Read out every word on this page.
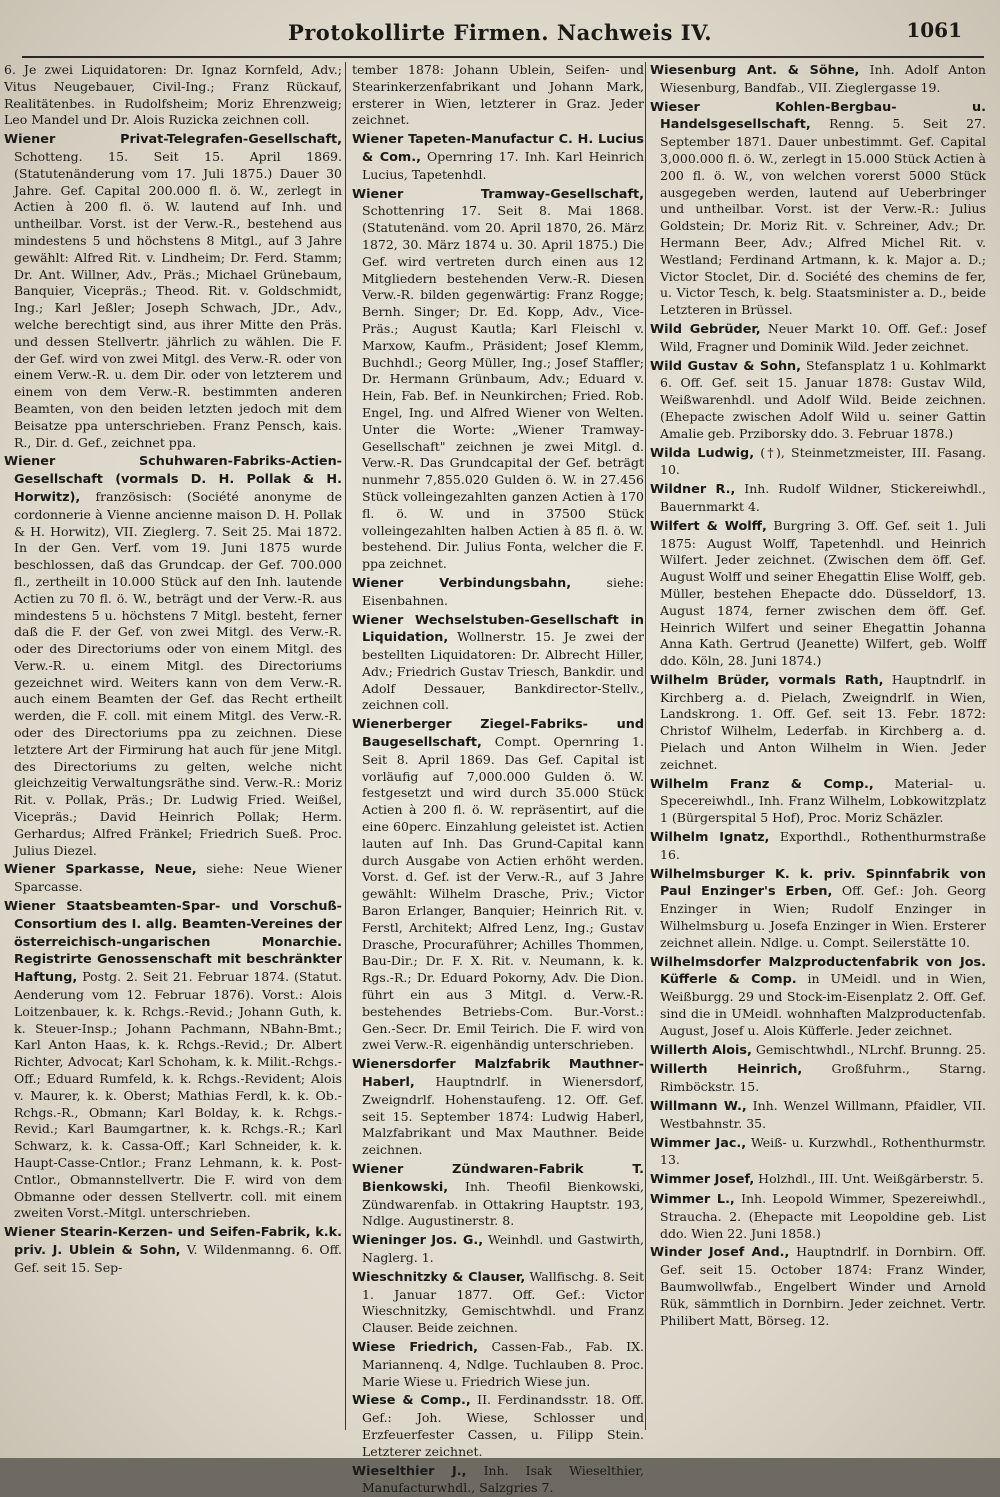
Protokollirte Firmen. Nachweis IV.	1061

6. Je zwei Liquidatoren: Dr. Ignaz Kornfeld, Adv.; Vitus Neugebauer, Civil-Ing.; Franz Rückauf, Realitätenbes. in Rudolfsheim; Moriz Ehrenzweig; Leo Mandel und Dr. Alois Ruzicka zeichnen coll.

Wiener Privat-Telegrafen-Gesellschaft, Schotteng. 15. Seit 15. April 1869. (Statutenänderung vom 17. Juli 1875.) Dauer 30 Jahre. Gef. Capital 200.000 fl. ö. W., zerlegt in Actien à 200 fl. ö. W. lautend auf Inh. und untheilbar. Vorst. ist der Verw.-R., bestehend aus mindestens 5 und höchstens 8 Mitgl., auf 3 Jahre gewählt: Alfred Rit. v. Lindheim; Dr. Ferd. Stamm; Dr. Ant. Willner, Adv., Präs.; Michael Grünebaum, Banquier, Vicepräs.; Theod. Rit. v. Goldschmidt, Ing.; Karl Jeßler; Joseph Schwach, JDr., Adv., welche berechtigt sind, aus ihrer Mitte den Präs. und dessen Stellvertr. jährlich zu wählen. Die F. der Gef. wird von zwei Mitgl. des Verw.-R. oder von einem Verw.-R. u. dem Dir. oder von letzterem und einem von dem Verw.-R. bestimmten anderen Beamten, von den beiden letzten jedoch mit dem Beisatze ppa unterschrieben. Franz Pensch, kais. R., Dir. d. Gef., zeichnet ppa.

Wiener Schuhwaren-Fabriks-Actien-Gesellschaft (vormals D. H. Pollak & H. Horwitz), französisch: (Société anonyme de cordonnerie à Vienne ancienne maison D. H. Pollak & H. Horwitz), VII. Zieglerg. 7. Seit 25. Mai 1872. In der Gen. Verf. vom 19. Juni 1875 wurde beschlossen, daß das Grundcap. der Gef. 700.000 fl., zertheilt in 10.000 Stück auf den Inh. lautende Actien zu 70 fl. ö. W., beträgt und der Verw.-R. aus mindestens 5 u. höchstens 7 Mitgl. besteht, ferner daß die F. der Gef. von zwei Mitgl. des Verw.-R. oder des Directoriums oder von einem Mitgl. des Verw.-R. u. einem Mitgl. des Directoriums gezeichnet wird. Weiters kann von dem Verw.-R. auch einem Beamten der Gef. das Recht ertheilt werden, die F. coll. mit einem Mitgl. des Verw.-R. oder des Directoriums ppa zu zeichnen. Diese letztere Art der Firmirung hat auch für jene Mitgl. des Directoriums zu gelten, welche nicht gleichzeitig Verwaltungsräthe sind. Verw.-R.: Moriz Rit. v. Pollak, Präs.; Dr. Ludwig Fried. Weißel, Vicepräs.; David Heinrich Pollak; Herm. Gerhardus; Alfred Fränkel; Friedrich Sueß. Proc. Julius Diezel.

Wiener Sparkasse, Neue, siehe: Neue Wiener Sparcasse.

Wiener Staatsbeamten-Spar- und Vorschuß-Consortium des I. allg. Beamten-Vereines der österreichisch-ungarischen Monarchie. Registrirte Genossenschaft mit beschränkter Haftung, Postg. 2. Seit 21. Februar 1874. (Statut. Aenderung vom 12. Februar 1876). Vorst.: Alois Loitzenbauer, k. k. Rchgs.-Revid.; Johann Guth, k. k. Steuer-Insp.; Johann Pachmann, NBahn-Bmt.; Karl Anton Haas, k. k. Rchgs.-Revid.; Dr. Albert Richter, Advocat; Karl Schoham, k. k. Milit.-Rchgs.-Off.; Eduard Rumfeld, k. k. Rchgs.-Revident; Alois v. Maurer, k. k. Oberst; Mathias Ferdl, k. k. Ob.-Rchgs.-R., Obmann; Karl Bolday, k. k. Rchgs.-Revid.; Karl Baumgartner, k. k. Rchgs.-R.; Karl Schwarz, k. k. Cassa-Off.; Karl Schneider, k. k. Haupt-Casse-Cntlor.; Franz Lehmann, k. k. Post-Cntlor., Obmannstellvertr. Die F. wird von dem Obmanne oder dessen Stellvertr. coll. mit einem zweiten Vorst.-Mitgl. unterschrieben.

Wiener Stearin-Kerzen- und Seifen-Fabrik, k.k. priv. J. Ublein & Sohn, V. Wildenmanng. 6. Off. Gef. seit 15. Sep-

tember 1878: Johann Ublein, Seifen- und Stearinkerzenfabrikant und Johann Mark, ersterer in Wien, letzterer in Graz. Jeder zeichnet.

Wiener Tapeten-Manufactur C. H. Lucius & Com., Opernring 17. Inh. Karl Heinrich Lucius, Tapetenhdl.

Wiener Tramway-Gesellschaft, Schottenring 17. Seit 8. Mai 1868. (Statutenänd. vom 20. April 1870, 26. März 1872, 30. März 1874 u. 30. April 1875.) Die Gef. wird vertreten durch einen aus 12 Mitgliedern bestehenden Verw.-R. Diesen Verw.-R. bilden gegenwärtig: Franz Rogge; Bernh. Singer; Dr. Ed. Kopp, Adv., Vice-Präs.; August Kautla; Karl Fleischl v. Marxow, Kaufm., Präsident; Josef Klemm, Buchhdl.; Georg Müller, Ing.; Josef Staffler; Dr. Hermann Grünbaum, Adv.; Eduard v. Hein, Fab. Bef. in Neunkirchen; Fried. Rob. Engel, Ing. und Alfred Wiener von Welten. Unter die Worte: „Wiener Tramway-Gesellschaft" zeichnen je zwei Mitgl. d. Verw.-R. Das Grundcapital der Gef. beträgt nunmehr 7,855.020 Gulden ö. W. in 27.456 Stück volleingezahlten ganzen Actien à 170 fl. ö. W. und in 37500 Stück volleingezahlten halben Actien à 85 fl. ö. W. bestehend. Dir. Julius Fonta, welcher die F. ppa zeichnet.

Wiener Verbindungsbahn, siehe: Eisenbahnen.

Wiener Wechselstuben-Gesellschaft in Liquidation, Wollnerstr. 15. Je zwei der bestellten Liquidatoren: Dr. Albrecht Hiller, Adv.; Friedrich Gustav Triesch, Bankdir. und Adolf Dessauer, Bankdirector-Stellv., zeichnen coll.

Wienerberger Ziegel-Fabriks- und Baugesellschaft, Compt. Opernring 1. Seit 8. April 1869. Das Gef. Capital ist vorläufig auf 7,000.000 Gulden ö. W. festgesetzt und wird durch 35.000 Stück Actien à 200 fl. ö. W. repräsentirt, auf die eine 60perc. Einzahlung geleistet ist. Actien lauten auf Inh. Das Grund-Capital kann durch Ausgabe von Actien erhöht werden. Vorst. d. Gef. ist der Verw.-R., auf 3 Jahre gewählt: Wilhelm Drasche, Priv.; Victor Baron Erlanger, Banquier; Heinrich Rit. v. Ferstl, Architekt; Alfred Lenz, Ing.; Gustav Drasche, Procuraführer; Achilles Thommen, Bau-Dir.; Dr. F. X. Rit. v. Neumann, k. k. Rgs.-R.; Dr. Eduard Pokorny, Adv. Die Dion. führt ein aus 3 Mitgl. d. Verw.-R. bestehendes Betriebs-Com. Bur.-Vorst.: Gen.-Secr. Dr. Emil Teirich. Die F. wird von zwei Verw.-R. eigenhändig unterschrieben.

Wienersdorfer Malzfabrik Mauthner-Haberl, Hauptndrlf. in Wienersdorf, Zweigndrlf. Hohenstaufeng. 12. Off. Gef. seit 15. September 1874: Ludwig Haberl, Malzfabrikant und Max Mauthner. Beide zeichnen.

Wiener Zündwaren-Fabrik T. Bienkowski, Inh. Theofil Bienkowski, Zündwarenfab. in Ottakring Hauptstr. 193, Ndlge. Augustinerstr. 8.

Wieninger Jos. G., Weinhdl. und Gastwirth, Naglerg. 1.

Wieschnitzky & Clauser, Wallfischg. 8. Seit 1. Januar 1877. Off. Gef.: Victor Wieschnitzky, Gemischtwhdl. und Franz Clauser. Beide zeichnen.

Wiese Friedrich, Cassen-Fab., Fab. IX. Mariannenq. 4, Ndlge. Tuchlauben 8. Proc. Marie Wiese u. Friedrich Wiese jun.

Wiese & Comp., II. Ferdinandsstr. 18. Off. Gef.: Joh. Wiese, Schlosser und Erzfeuerfester Cassen, u. Filipp Stein. Letzterer zeichnet.

Wieselthier J., Inh. Isak Wieselthier, Manufacturwhdl., Salzgries 7.

Wiesenburg Ant. & Söhne, Inh. Adolf Anton Wiesenburg, Bandfab., VII. Zieglergasse 19.

Wieser Kohlen-Bergbau- u. Handelsgesellschaft, Renng. 5. Seit 27. September 1871. Dauer unbestimmt. Gef. Capital 3,000.000 fl. ö. W., zerlegt in 15.000 Stück Actien à 200 fl. ö. W., von welchen vorerst 5000 Stück ausgegeben werden, lautend auf Ueberbringer und untheilbar. Vorst. ist der Verw.-R.: Julius Goldstein; Dr. Moriz Rit. v. Schreiner, Adv.; Dr. Hermann Beer, Adv.; Alfred Michel Rit. v. Westland; Ferdinand Artmann, k. k. Major a. D.; Victor Stoclet, Dir. d. Société des chemins de fer, u. Victor Tesch, k. belg. Staatsminister a. D., beide Letzteren in Brüssel.

Wild Gebrüder, Neuer Markt 10. Off. Gef.: Josef Wild, Fragner und Dominik Wild. Jeder zeichnet.

Wild Gustav & Sohn, Stefansplatz 1 u. Kohlmarkt 6. Off. Gef. seit 15. Januar 1878: Gustav Wild, Weißwarenhdl. und Adolf Wild. Beide zeichnen. (Ehepacte zwischen Adolf Wild u. seiner Gattin Amalie geb. Prziborsky ddo. 3. Februar 1878.)

Wilda Ludwig, (†), Steinmetzmeister, III. Fasang. 10.

Wildner R., Inh. Rudolf Wildner, Stickereiwhdl., Bauernmarkt 4.

Wilfert & Wolff, Burgring 3. Off. Gef. seit 1. Juli 1875: August Wolff, Tapetenhdl. und Heinrich Wilfert. Jeder zeichnet. (Zwischen dem öff. Gef. August Wolff und seiner Ehegattin Elise Wolff, geb. Müller, bestehen Ehepacte ddo. Düsseldorf, 13. August 1874, ferner zwischen dem öff. Gef. Heinrich Wilfert und seiner Ehegattin Johanna Anna Kath. Gertrud (Jeanette) Wilfert, geb. Wolff ddo. Köln, 28. Juni 1874.)

Wilhelm Brüder, vormals Rath, Hauptndrlf. in Kirchberg a. d. Pielach, Zweigndrlf. in Wien, Landskrong. 1. Off. Gef. seit 13. Febr. 1872: Christof Wilhelm, Lederfab. in Kirchberg a. d. Pielach und Anton Wilhelm in Wien. Jeder zeichnet.

Wilhelm Franz & Comp., Material- u. Specereiwhdl., Inh. Franz Wilhelm, Lobkowitzplatz 1 (Bürgerspital 5 Hof), Proc. Moriz Schäzler.

Wilhelm Ignatz, Exporthdl., Rothenthurmstraße 16.

Wilhelmsburger K. k. priv. Spinnfabrik von Paul Enzinger's Erben, Off. Gef.: Joh. Georg Enzinger in Wien; Rudolf Enzinger in Wilhelmsburg u. Josefa Enzinger in Wien. Ersterer zeichnet allein. Ndlge. u. Compt. Seilerstätte 10.

Wilhelmsdorfer Malzproductenfabrik von Jos. Küfferle & Comp. in UMeidl. und in Wien, Weißburgg. 29 und Stock-im-Eisenplatz 2. Off. Gef. sind die in UMeidl. wohnhaften Malzproductenfab. August, Josef u. Alois Küfferle. Jeder zeichnet.

Willerth Alois, Gemischtwhdl., NLrchf. Brunng. 25.

Willerth Heinrich, Großfuhrm., Starng. Rimböckstr. 15.

Willmann W., Inh. Wenzel Willmann, Pfaidler, VII. Westbahnstr. 35.

Wimmer Jac., Weiß- u. Kurzwhdl., Rothenthurmstr. 13.

Wimmer Josef, Holzhdl., III. Unt. Weißgärberstr. 5.

Wimmer L., Inh. Leopold Wimmer, Spezereiwhdl., Straucha. 2. (Ehepacte mit Leopoldine geb. List ddo. Wien 22. Juni 1858.)

Winder Josef And., Hauptndrlf. in Dornbirn. Off. Gef. seit 15. October 1874: Franz Winder, Baumwollwfab., Engelbert Winder und Arnold Rük, sämmtlich in Dornbirn. Jeder zeichnet. Vertr. Philibert Matt, Börseg. 12.
